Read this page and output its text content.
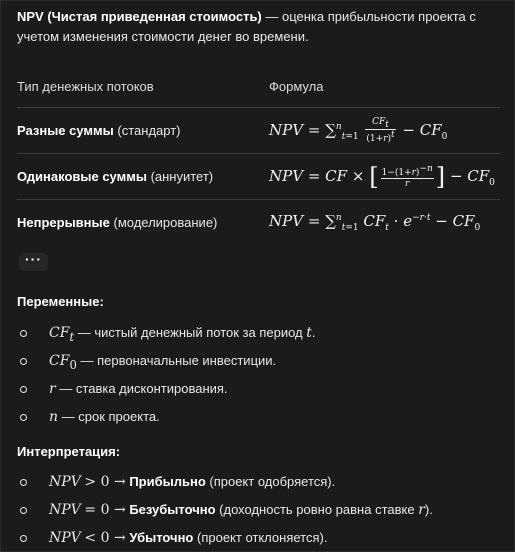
NPV (Чистая приведенная стоимость) — оценка прибыльности проекта с учетом изменения стоимости денег во времени.

Тип денежных потоков	Формула
Разные суммы (стандарт)	NPV = $\sum^n_{t=1} \frac{CF_t}{(1+r)^t} - CF_0$
Одинаковые суммы (аннуитет)	NPV = CF × [ $\frac{1-(1+r)^{-n}}{r}$ ] − $CF_0$
Непрерывные (моделирование)	NPV = ∑$^n_{t=1}$ $CF_t \cdot e^{-r\cdot t} - CF_0$
···
Переменные:
$CF_t$ — чистый денежный поток за период t.
$CF_0$ — первоначальные инвестиции.
r — ставка дисконтирования.
n — срок проекта.
Интерпретация:
NPV > 0 → Прибыльно (проект одобряется).
NPV = 0 → Безубыточно (доходность ровно равна ставке r).
NPV < 0 → Убыточно (проект отклоняется).
